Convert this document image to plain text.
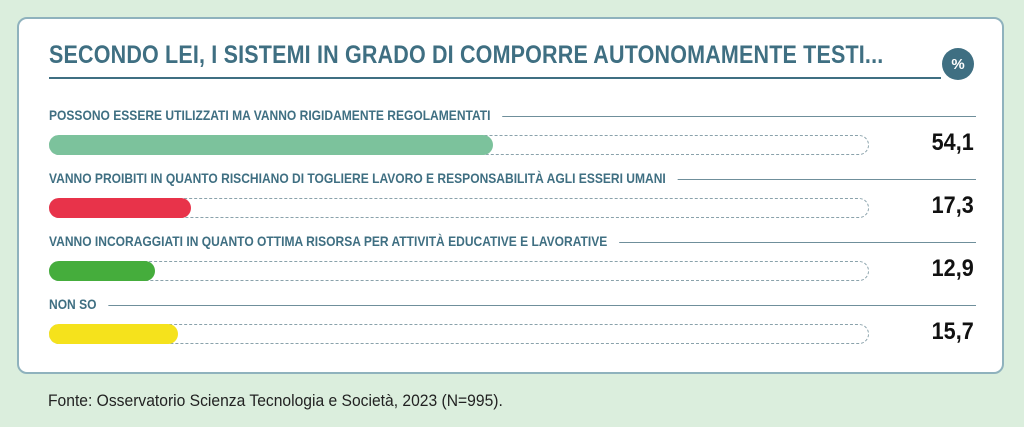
SECONDO LEI, I SISTEMI IN GRADO DI COMPORRE AUTONOMAMENTE TESTI...	%
POSSONO ESSERE UTILIZZATI MA VANNO RIGIDAMENTE REGOLAMENTATI
54,1
VANNO PROIBITI IN QUANTO RISCHIANO DI TOGLIERE LAVORO E RESPONSABILITÀ AGLI ESSERI UMANI
17,3
VANNO INCORAGGIATI IN QUANTO OTTIMA RISORSA PER ATTIVITÀ EDUCATIVE E LAVORATIVE
12,9
NON SO
15,7
Fonte: Osservatorio Scienza Tecnologia e Società, 2023 (N=995).
